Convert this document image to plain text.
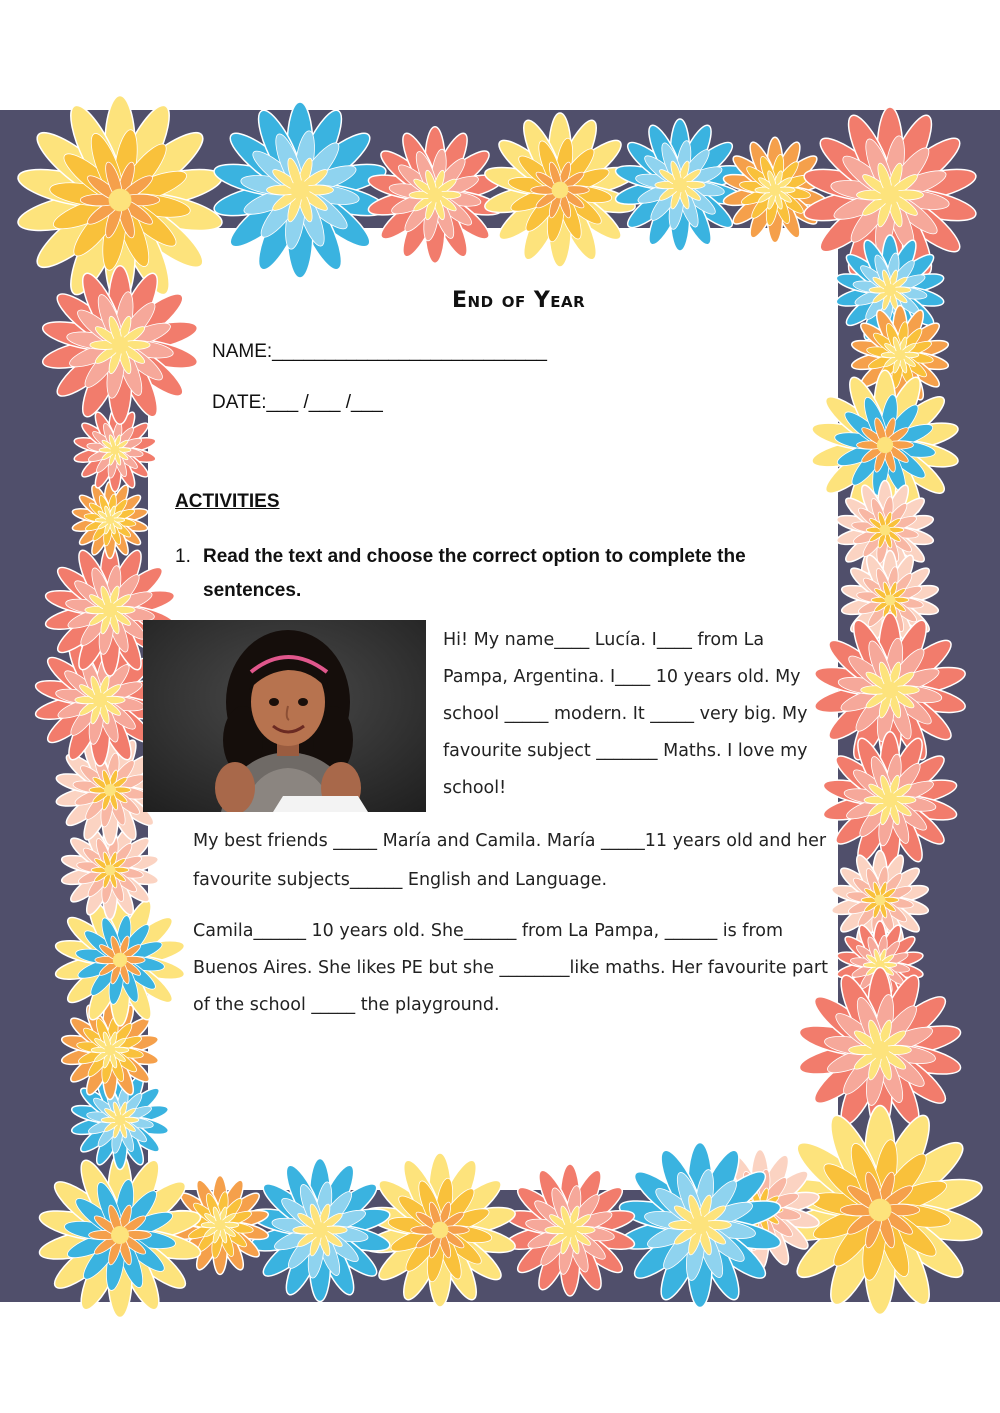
End of Year
NAME:__________________________
DATE:___ /___ /___
ACTIVITIES
1. Read the text and choose the correct option to complete the sentences.
Hi! My name____ Lucía. I____ from La Pampa, Argentina. I____ 10 years old. My school _____ modern. It _____ very big. My favourite subject _______ Maths. I love my school!
My best friends _____ María and Camila. María _____11 years old and her favourite subjects______ English and Language.
Camila______ 10 years old. She______ from La Pampa, ______ is from Buenos Aires. She likes PE but she ________like maths. Her favourite part of the school _____ the playground.
